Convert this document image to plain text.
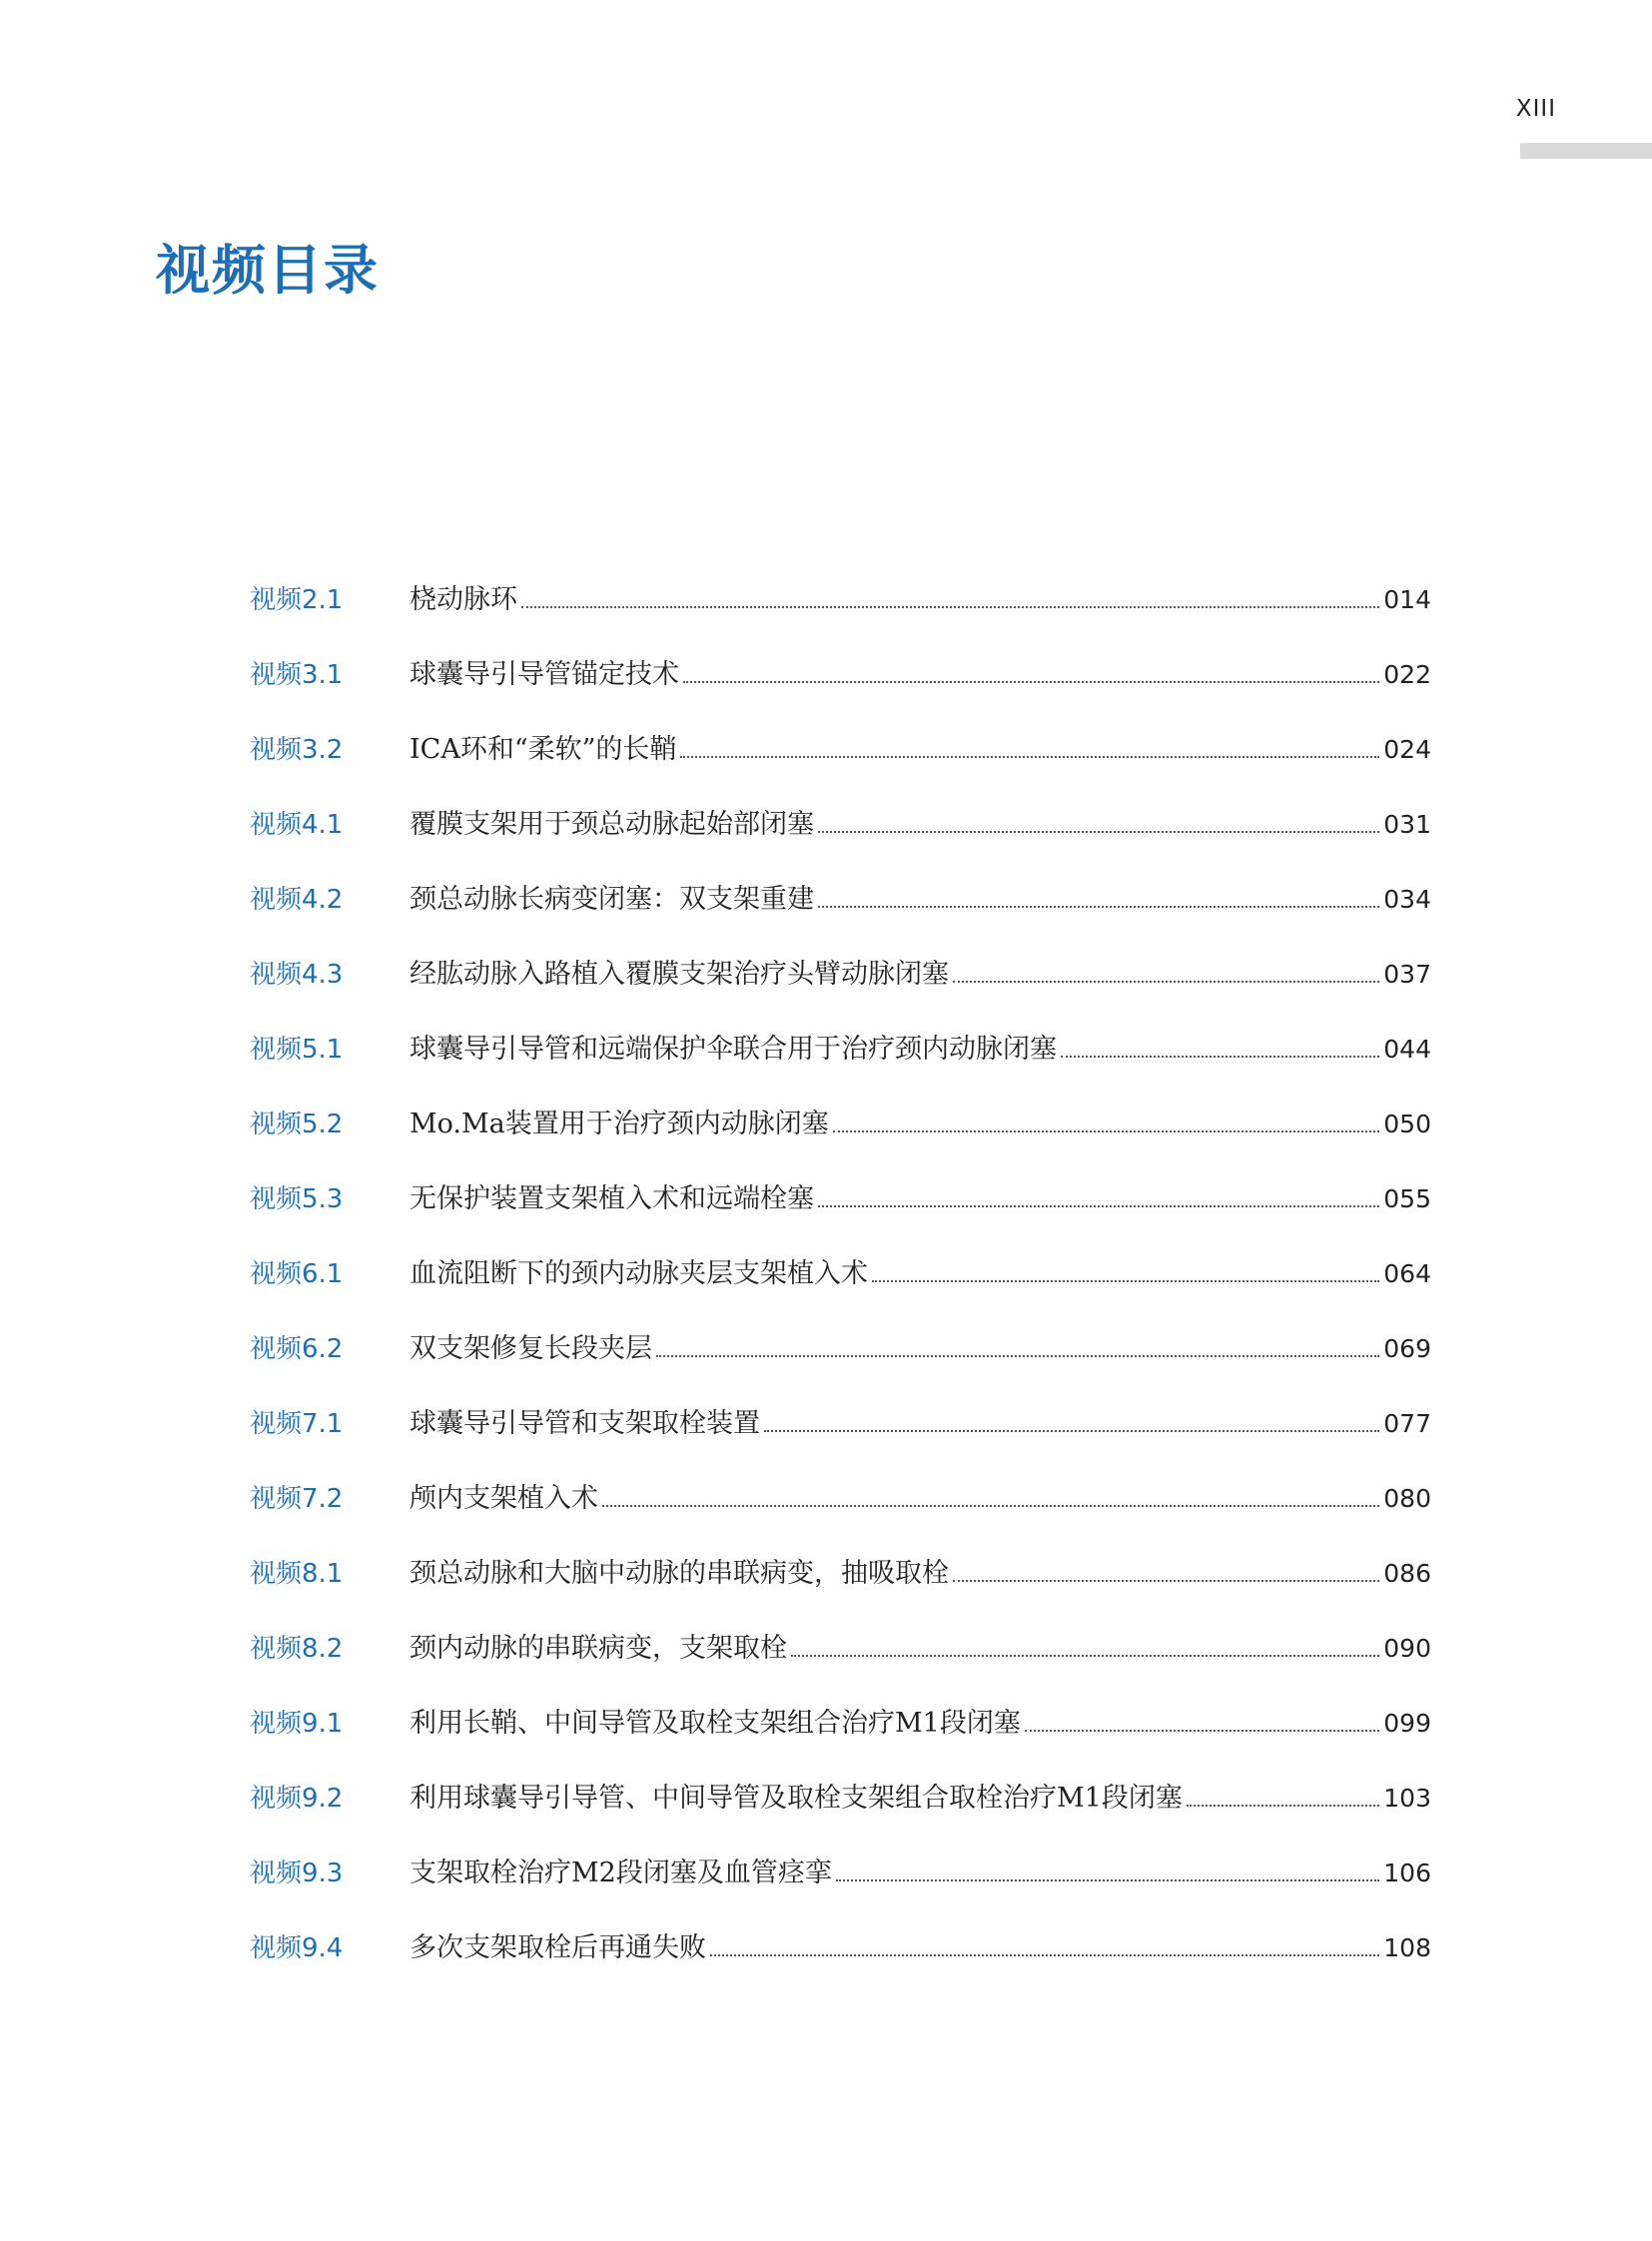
XIII
视频目录
视频2.1	桡动脉环	014
视频3.1	球囊导引导管锚定技术	022
视频3.2	ICA环和“柔软”的长鞘	024
视频4.1	覆膜支架用于颈总动脉起始部闭塞	031
视频4.2	颈总动脉长病变闭塞：双支架重建	034
视频4.3	经肱动脉入路植入覆膜支架治疗头臂动脉闭塞	037
视频5.1	球囊导引导管和远端保护伞联合用于治疗颈内动脉闭塞	044
视频5.2	Mo.Ma装置用于治疗颈内动脉闭塞	050
视频5.3	无保护装置支架植入术和远端栓塞	055
视频6.1	血流阻断下的颈内动脉夹层支架植入术	064
视频6.2	双支架修复长段夹层	069
视频7.1	球囊导引导管和支架取栓装置	077
视频7.2	颅内支架植入术	080
视频8.1	颈总动脉和大脑中动脉的串联病变，抽吸取栓	086
视频8.2	颈内动脉的串联病变，支架取栓	090
视频9.1	利用长鞘、中间导管及取栓支架组合治疗M1段闭塞	099
视频9.2	利用球囊导引导管、中间导管及取栓支架组合取栓治疗M1段闭塞	103
视频9.3	支架取栓治疗M2段闭塞及血管痉挛	106
视频9.4	多次支架取栓后再通失败	108
